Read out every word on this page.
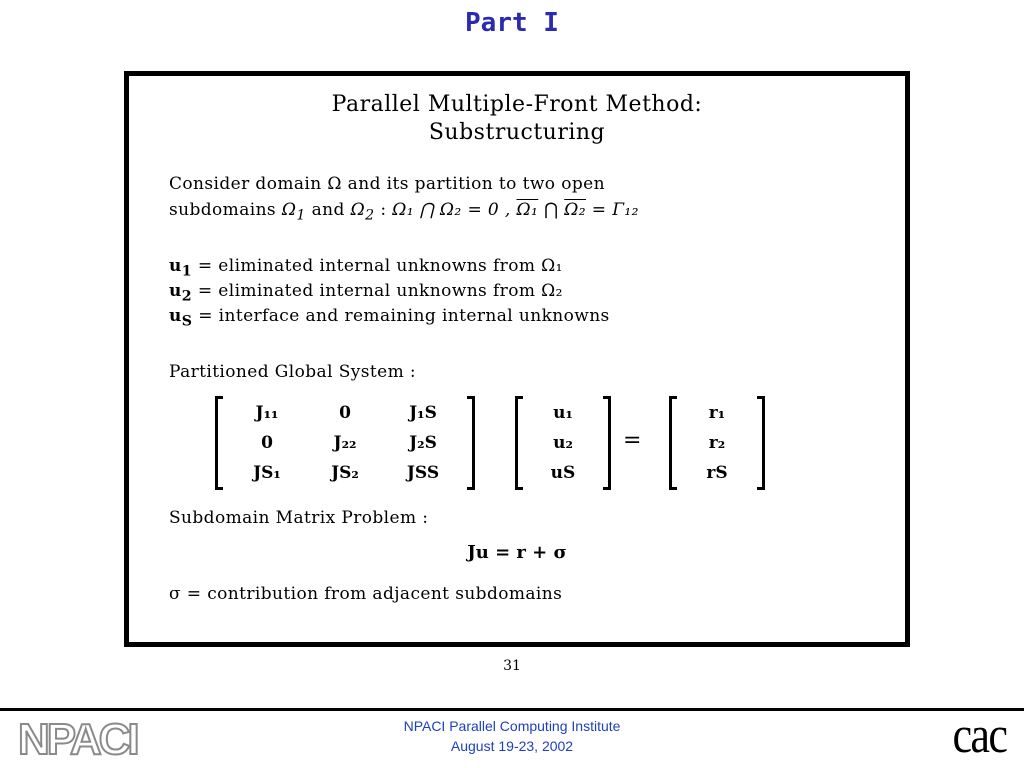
Part I
Parallel Multiple-Front Method:
Substructuring
Consider domain Ω and its partition to two open
subdomains $\Omega_1$ and $\Omega_2$ : Ω₁ ⋂ Ω₂ = 0 , Ω₁ ⋂ Ω₂ = Γ₁₂
$u_1$ = eliminated internal unknowns from Ω₁
$u_2$ = eliminated internal unknowns from Ω₂
$u_S$ = interface and remaining internal unknowns
Partitioned Global System :
J₁₁	0	J₁S
0	J₂₂	J₂S
JS₁	JS₂	JSS
u₁
u₂
uS
=
r₁
r₂
rS
Subdomain Matrix Problem :
Ju = r + σ
σ = contribution from adjacent subdomains
31
NPACI	NPACI Parallel Computing Institute
August 19-23, 2002	cac
